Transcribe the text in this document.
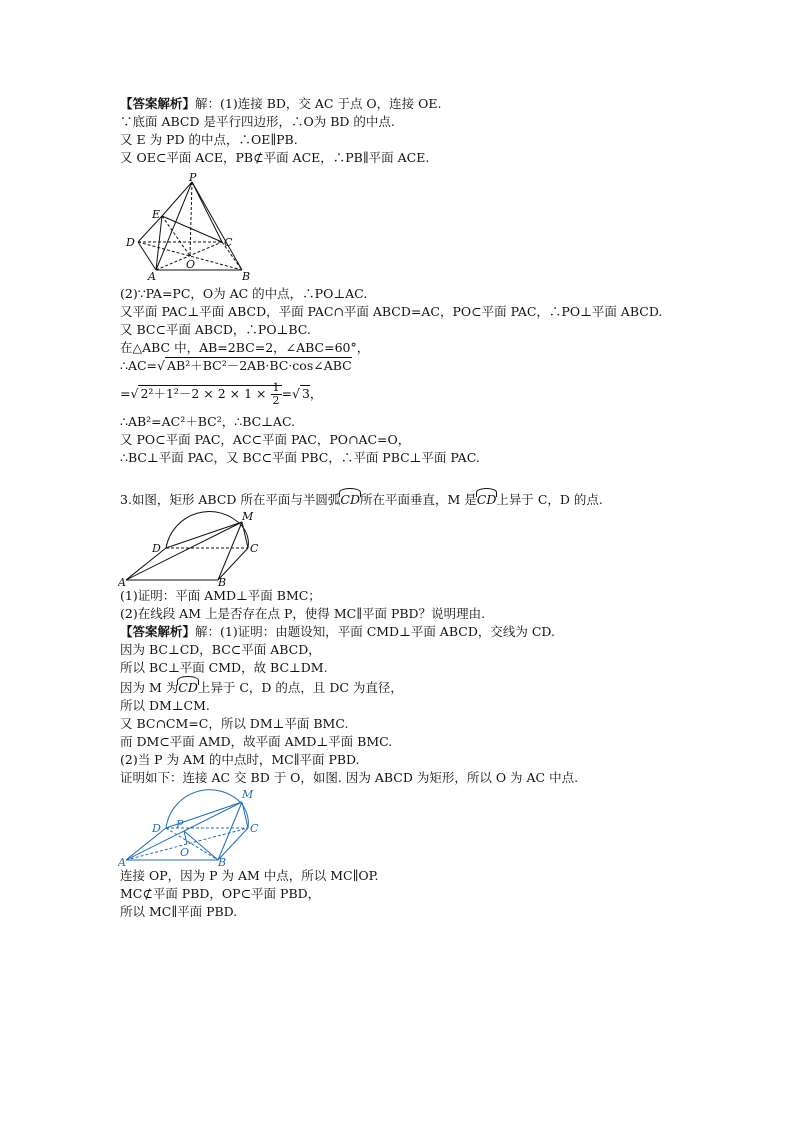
【答案解析】解：(1)连接 BD，交 AC 于点 O，连接 OE.
∵底面 ABCD 是平行四边形，∴O为 BD 的中点.
又 E 为 PD 的中点，∴OE∥PB.
又 OE⊂平面 ACE，PB⊄平面 ACE，∴PB∥平面 ACE.
P
E
D	C
O
A	B
(2)∵PA=PC，O为 AC 的中点，∴PO⊥AC.
又平面 PAC⊥平面 ABCD，平面 PAC∩平面 ABCD=AC，PO⊂平面 PAC，∴PO⊥平面 ABCD.
又 BC⊂平面 ABCD，∴PO⊥BC.
在△ABC 中，AB=2BC=2，∠ABC=60°，
∴AC=√ AB²＋BC²－2AB·BC·cos∠ABC
=√ $2^2+1^2-2 \times 2 \times 1 \times \frac{1}{2}$ =√ 3，
∴AB²=AC²＋BC²，∴BC⊥AC.
又 PO⊂平面 PAC，AC⊂平面 PAC，PO∩AC=O，
∴BC⊥平面 PAC，又 BC⊂平面 PBC，∴平面 PBC⊥平面 PAC.
3.如图，矩形 ABCD 所在平面与半圆弧CD所在平面垂直，M 是CD上异于 C，D 的点.
M
D	C
A	B
(1)证明：平面 AMD⊥平面 BMC；
(2)在线段 AM 上是否存在点 P，使得 MC∥平面 PBD？说明理由.
【答案解析】解：(1)证明：由题设知，平面 CMD⊥平面 ABCD，交线为 CD.
因为 BC⊥CD，BC⊂平面 ABCD，
所以 BC⊥平面 CMD，故 BC⊥DM.
因为 M 为CD上异于 C，D 的点，且 DC 为直径，
所以 DM⊥CM.
又 BC∩CM=C，所以 DM⊥平面 BMC.
而 DM⊂平面 AMD，故平面 AMD⊥平面 BMC.
(2)当 P 为 AM 的中点时，MC∥平面 PBD.
证明如下：连接 AC 交 BD 于 O，如图. 因为 ABCD 为矩形，所以 O 为 AC 中点.
M
D P	C
O
A	B
连接 OP，因为 P 为 AM 中点，所以 MC∥OP.
MC⊄平面 PBD，OP⊂平面 PBD，
所以 MC∥平面 PBD.
